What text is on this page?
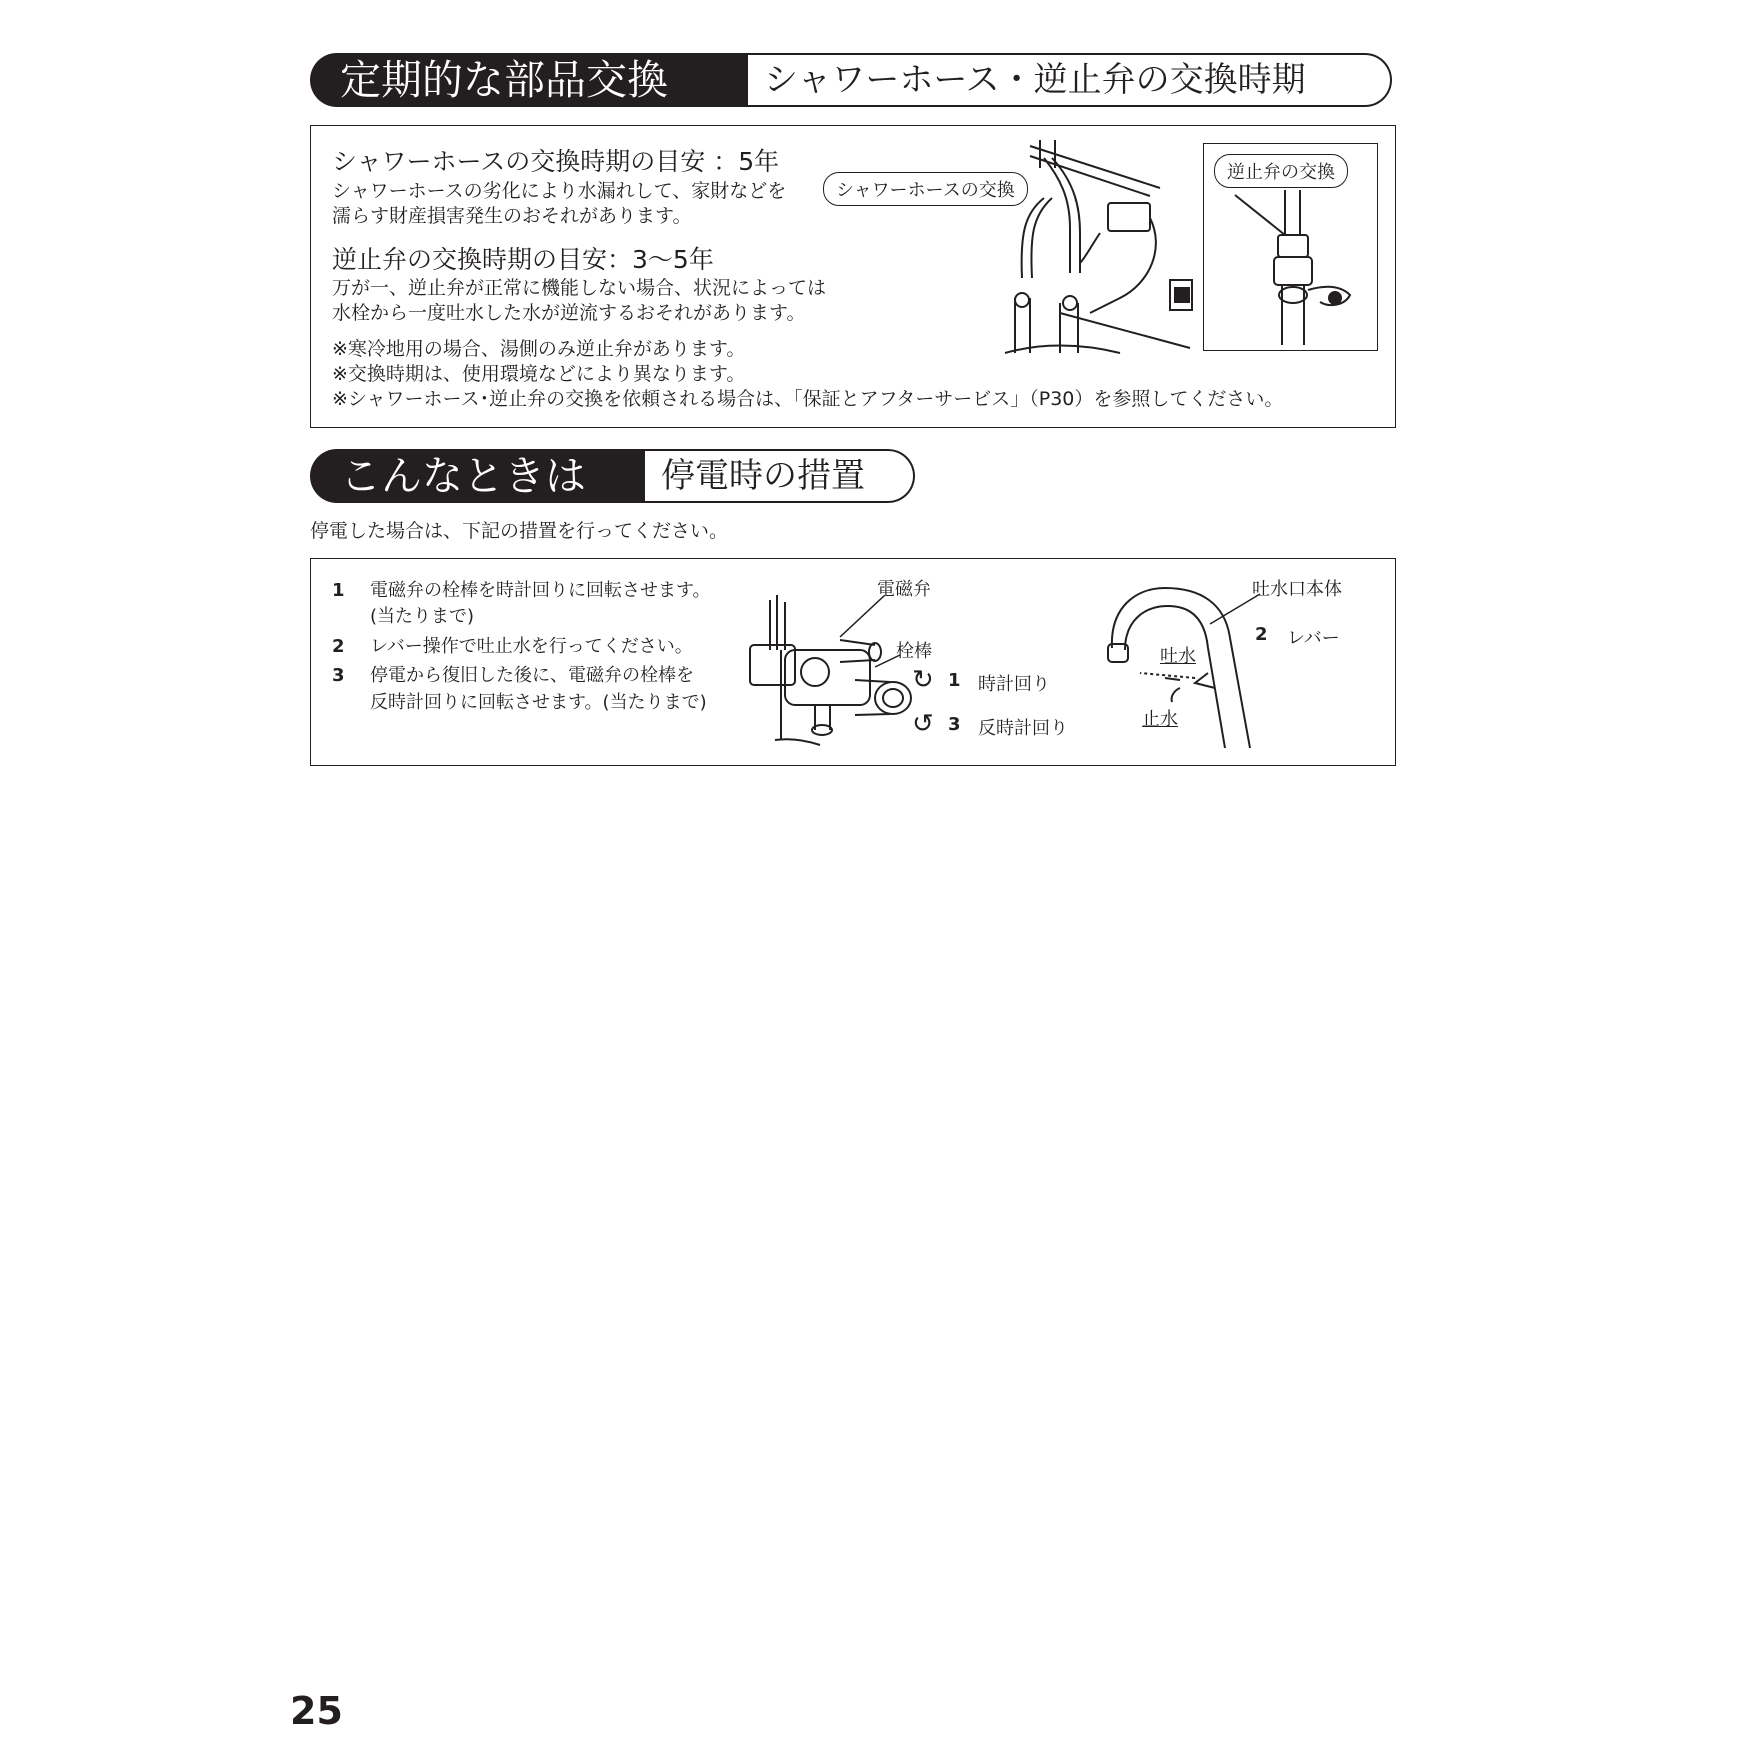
定期的な部品交換	シャワーホース・逆止弁の交換時期
シャワーホースの交換時期の目安 ：5年
シャワーホースの劣化により水漏れして、家財などを
濡らす財産損害発生のおそれがあります。
逆止弁の交換時期の目安：3～5年
万が一、逆止弁が正常に機能しない場合、状況によっては
水栓から一度吐水した水が逆流するおそれがあります。
※寒冷地用の場合、湯側のみ逆止弁があります。
※交換時期は、使用環境などにより異なります。
※シャワーホース･逆止弁の交換を依頼される場合は、「保証とアフターサービス」（P30）を参照してください。
シャワーホースの交換
逆止弁の交換
こんなときは	停電時の措置
停電した場合は、下記の措置を行ってください。
1 電磁弁の栓棒を時計回りに回転させます。
(当たりまで)
2 レバー操作で吐止水を行ってください。
3 停電から復旧した後に、電磁弁の栓棒を
反時計回りに回転させます。(当たりまで)
電磁弁
栓棒
↻ 1 時計回り
↺ 3 反時計回り
吐水口本体
2 レバー
吐水
止水
25
